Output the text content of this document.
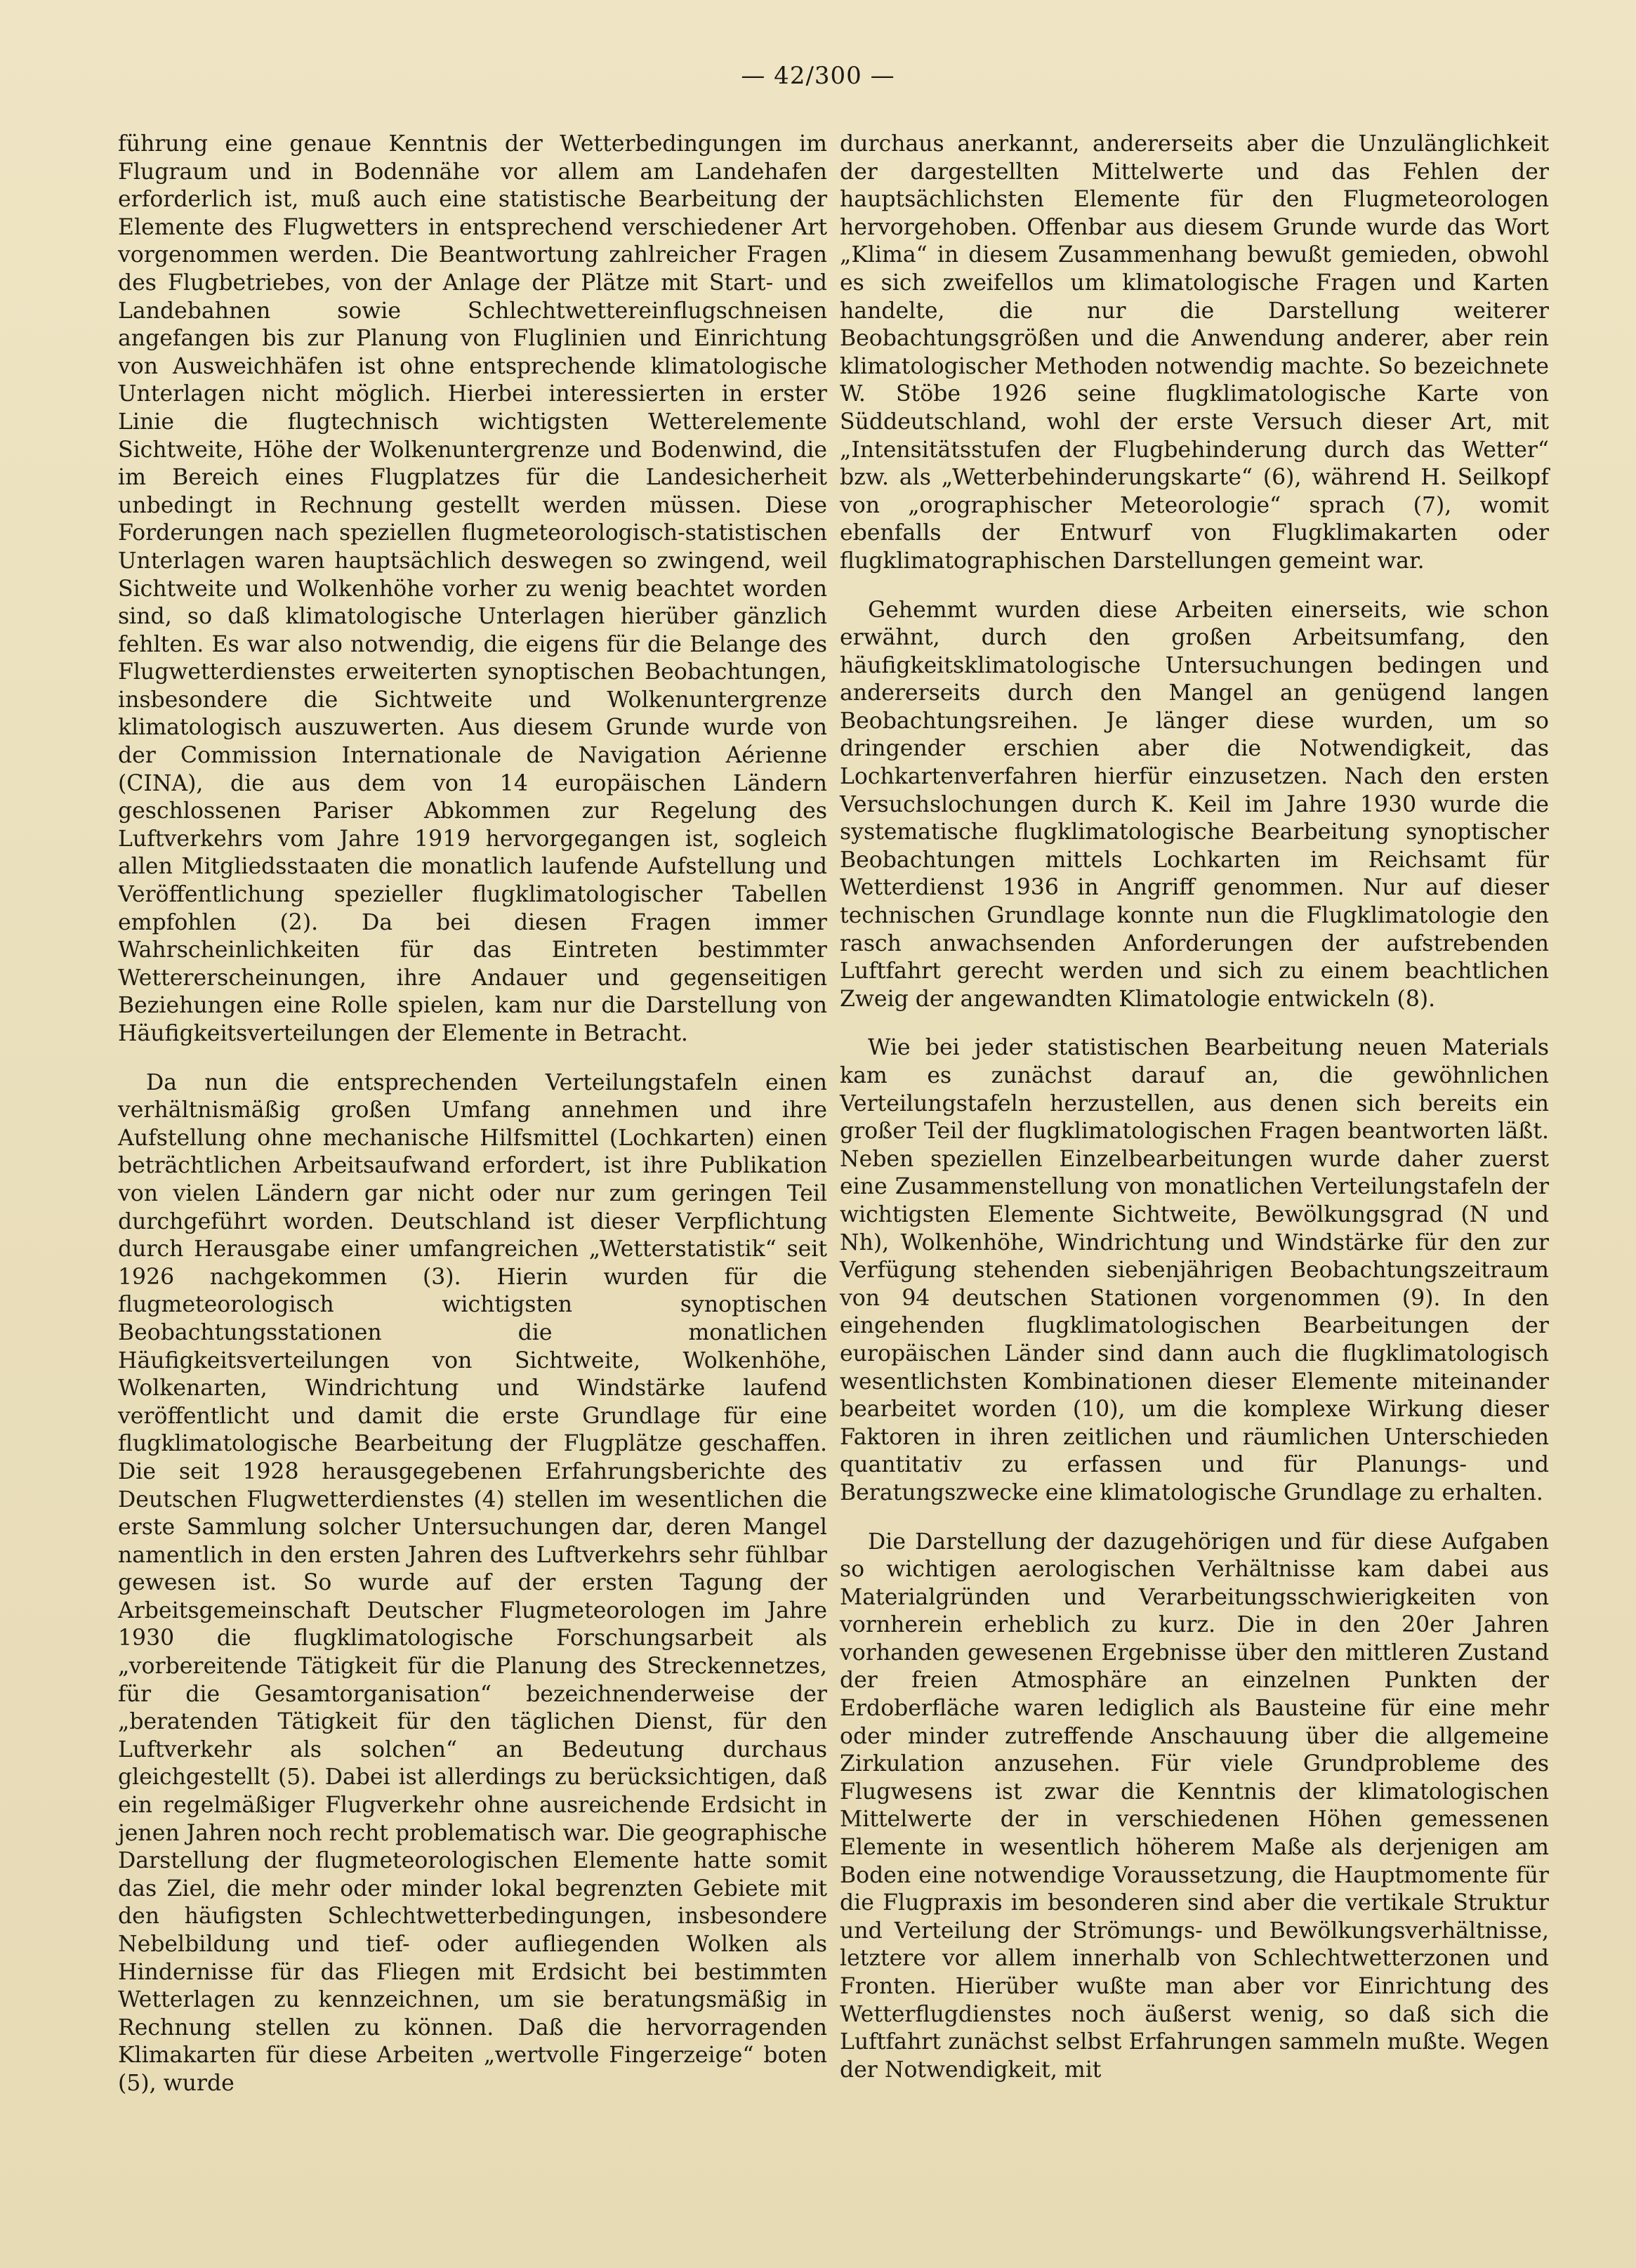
— 42/300 —

führung eine genaue Kenntnis der Wetterbedingungen im Flugraum und in Bodennähe vor allem am Landehafen erforderlich ist, muß auch eine statistische Bearbeitung der Elemente des Flugwetters in entsprechend verschiedener Art vorgenommen werden. Die Beantwortung zahlreicher Fragen des Flugbetriebes, von der Anlage der Plätze mit Start- und Landebahnen sowie Schlechtwettereinflugschneisen angefangen bis zur Planung von Fluglinien und Einrichtung von Ausweichhäfen ist ohne entsprechende klimatologische Unterlagen nicht möglich. Hierbei interessierten in erster Linie die flugtechnisch wichtigsten Wetterelemente Sichtweite, Höhe der Wolkenuntergrenze und Bodenwind, die im Bereich eines Flugplatzes für die Landesicherheit unbedingt in Rechnung gestellt werden müssen. Diese Forderungen nach speziellen flugmeteorologisch-statistischen Unterlagen waren hauptsächlich deswegen so zwingend, weil Sichtweite und Wolkenhöhe vorher zu wenig beachtet worden sind, so daß klimatologische Unterlagen hierüber gänzlich fehlten. Es war also notwendig, die eigens für die Belange des Flugwetterdienstes erweiterten synoptischen Beobachtungen, insbesondere die Sichtweite und Wolkenuntergrenze klimatologisch auszuwerten. Aus diesem Grunde wurde von der Commission Internationale de Navigation Aérienne (CINA), die aus dem von 14 europäischen Ländern geschlossenen Pariser Abkommen zur Regelung des Luftverkehrs vom Jahre 1919 hervorgegangen ist, sogleich allen Mitgliedsstaaten die monatlich laufende Aufstellung und Veröffentlichung spezieller flugklimatologischer Tabellen empfohlen (2). Da bei diesen Fragen immer Wahrscheinlichkeiten für das Eintreten bestimmter Wettererscheinungen, ihre Andauer und gegenseitigen Beziehungen eine Rolle spielen, kam nur die Darstellung von Häufigkeitsverteilungen der Elemente in Betracht.

Da nun die entsprechenden Verteilungstafeln einen verhältnismäßig großen Umfang annehmen und ihre Aufstellung ohne mechanische Hilfsmittel (Lochkarten) einen beträchtlichen Arbeitsaufwand erfordert, ist ihre Publikation von vielen Ländern gar nicht oder nur zum geringen Teil durchgeführt worden. Deutschland ist dieser Verpflichtung durch Herausgabe einer umfangreichen „Wetterstatistik“ seit 1926 nachgekommen (3). Hierin wurden für die flugmeteorologisch wichtigsten synoptischen Beobachtungsstationen die monatlichen Häufigkeitsverteilungen von Sichtweite, Wolkenhöhe, Wolkenarten, Windrichtung und Windstärke laufend veröffentlicht und damit die erste Grundlage für eine flugklimatologische Bearbeitung der Flugplätze geschaffen. Die seit 1928 herausgegebenen Erfahrungsberichte des Deutschen Flugwetterdienstes (4) stellen im wesentlichen die erste Sammlung solcher Untersuchungen dar, deren Mangel namentlich in den ersten Jahren des Luftverkehrs sehr fühlbar gewesen ist. So wurde auf der ersten Tagung der Arbeitsgemeinschaft Deutscher Flugmeteorologen im Jahre 1930 die flugklimatologische Forschungsarbeit als „vorbereitende Tätigkeit für die Planung des Streckennetzes, für die Gesamtorganisation“ bezeichnenderweise der „beratenden Tätigkeit für den täglichen Dienst, für den Luftverkehr als solchen“ an Bedeutung durchaus gleichgestellt (5). Dabei ist allerdings zu berücksichtigen, daß ein regelmäßiger Flugverkehr ohne ausreichende Erdsicht in jenen Jahren noch recht problematisch war. Die geographische Darstellung der flugmeteorologischen Elemente hatte somit das Ziel, die mehr oder minder lokal begrenzten Gebiete mit den häufigsten Schlechtwetterbedingungen, insbesondere Nebelbildung und tief- oder aufliegenden Wolken als Hindernisse für das Fliegen mit Erdsicht bei bestimmten Wetterlagen zu kennzeichnen, um sie beratungsmäßig in Rechnung stellen zu können. Daß die hervorragenden Klimakarten für diese Arbeiten „wertvolle Fingerzeige“ boten (5), wurde

durchaus anerkannt, andererseits aber die Unzulänglichkeit der dargestellten Mittelwerte und das Fehlen der hauptsächlichsten Elemente für den Flugmeteorologen hervorgehoben. Offenbar aus diesem Grunde wurde das Wort „Klima“ in diesem Zusammenhang bewußt gemieden, obwohl es sich zweifellos um klimatologische Fragen und Karten handelte, die nur die Darstellung weiterer Beobachtungsgrößen und die Anwendung anderer, aber rein klimatologischer Methoden notwendig machte. So bezeichnete W. Stöbe 1926 seine flugklimatologische Karte von Süddeutschland, wohl der erste Versuch dieser Art, mit „Intensitätsstufen der Flugbehinderung durch das Wetter“ bzw. als „Wetterbehinderungskarte“ (6), während H. Seilkopf von „orographischer Meteorologie“ sprach (7), womit ebenfalls der Entwurf von Flugklimakarten oder flugklimatographischen Darstellungen gemeint war.

Gehemmt wurden diese Arbeiten einerseits, wie schon erwähnt, durch den großen Arbeitsumfang, den häufigkeitsklimatologische Untersuchungen bedingen und andererseits durch den Mangel an genügend langen Beobachtungsreihen. Je länger diese wurden, um so dringender erschien aber die Notwendigkeit, das Lochkartenverfahren hierfür einzusetzen. Nach den ersten Versuchslochungen durch K. Keil im Jahre 1930 wurde die systematische flugklimatologische Bearbeitung synoptischer Beobachtungen mittels Lochkarten im Reichsamt für Wetterdienst 1936 in Angriff genommen. Nur auf dieser technischen Grundlage konnte nun die Flugklimatologie den rasch anwachsenden Anforderungen der aufstrebenden Luftfahrt gerecht werden und sich zu einem beachtlichen Zweig der angewandten Klimatologie entwickeln (8).

Wie bei jeder statistischen Bearbeitung neuen Materials kam es zunächst darauf an, die gewöhnlichen Verteilungstafeln herzustellen, aus denen sich bereits ein großer Teil der flugklimatologischen Fragen beantworten läßt. Neben speziellen Einzelbearbeitungen wurde daher zuerst eine Zusammenstellung von monatlichen Verteilungstafeln der wichtigsten Elemente Sichtweite, Bewölkungsgrad (N und Nh), Wolkenhöhe, Windrichtung und Windstärke für den zur Verfügung stehenden siebenjährigen Beobachtungszeitraum von 94 deutschen Stationen vorgenommen (9). In den eingehenden flugklimatologischen Bearbeitungen der europäischen Länder sind dann auch die flugklimatologisch wesentlichsten Kombinationen dieser Elemente miteinander bearbeitet worden (10), um die komplexe Wirkung dieser Faktoren in ihren zeitlichen und räumlichen Unterschieden quantitativ zu erfassen und für Planungs- und Beratungszwecke eine klimatologische Grundlage zu erhalten.

Die Darstellung der dazugehörigen und für diese Aufgaben so wichtigen aerologischen Verhältnisse kam dabei aus Materialgründen und Verarbeitungsschwierigkeiten von vornherein erheblich zu kurz. Die in den 20er Jahren vorhanden gewesenen Ergebnisse über den mittleren Zustand der freien Atmosphäre an einzelnen Punkten der Erdoberfläche waren lediglich als Bausteine für eine mehr oder minder zutreffende Anschauung über die allgemeine Zirkulation anzusehen. Für viele Grundprobleme des Flugwesens ist zwar die Kenntnis der klimatologischen Mittelwerte der in verschiedenen Höhen gemessenen Elemente in wesentlich höherem Maße als derjenigen am Boden eine notwendige Voraussetzung, die Hauptmomente für die Flugpraxis im besonderen sind aber die vertikale Struktur und Verteilung der Strömungs- und Bewölkungsverhältnisse, letztere vor allem innerhalb von Schlechtwetterzonen und Fronten. Hierüber wußte man aber vor Einrichtung des Wetterflugdienstes noch äußerst wenig, so daß sich die Luftfahrt zunächst selbst Erfahrungen sammeln mußte. Wegen der Notwendigkeit, mit
